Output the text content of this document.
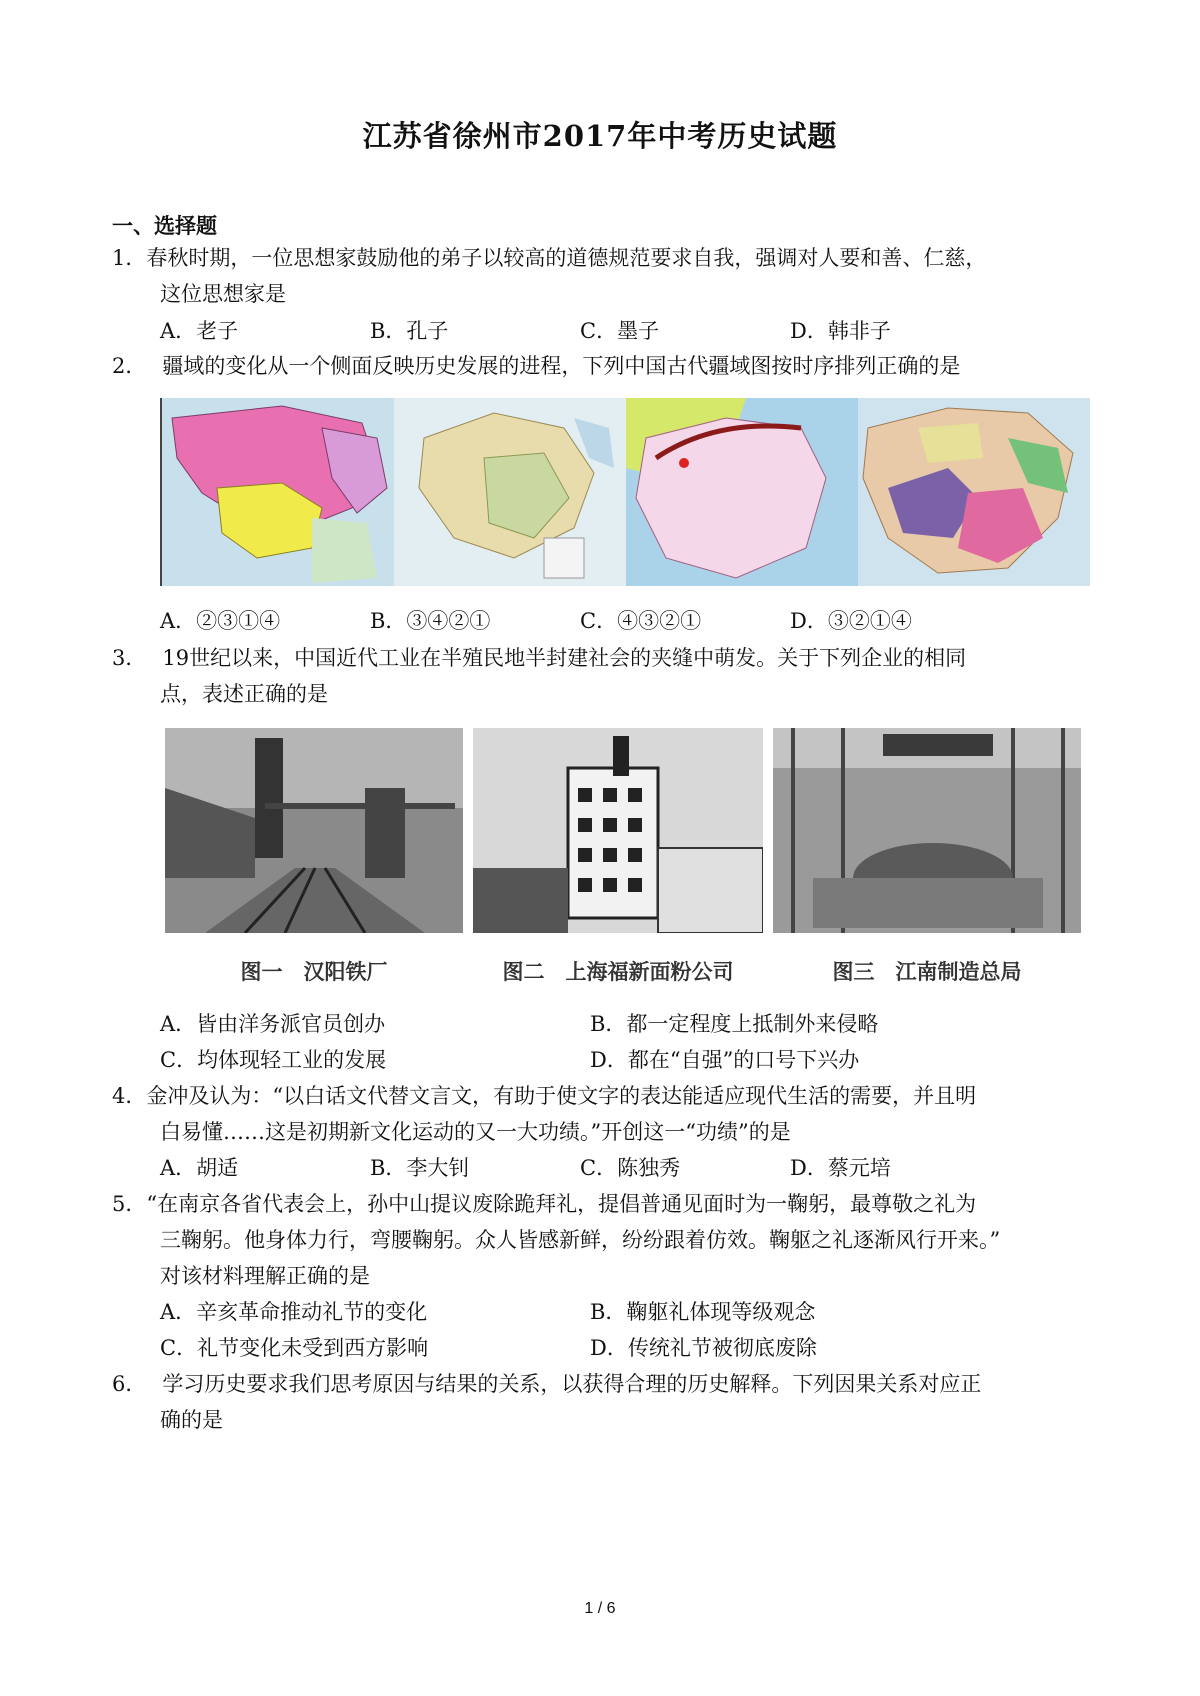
江苏省徐州市2017年中考历史试题
一、选择题
1．春秋时期，一位思想家鼓励他的弟子以较高的道德规范要求自我，强调对人要和善、仁慈，
这位思想家是
A．老子	B．孔子	C．墨子	D．韩非子
2． 疆域的变化从一个侧面反映历史发展的进程，下列中国古代疆域图按时序排列正确的是
A．②③①④	B．③④②①	C．④③②①	D．③②①④
3． 19世纪以来，中国近代工业在半殖民地半封建社会的夹缝中萌发。关于下列企业的相同
点，表述正确的是
图一　汉阳铁厂	图二　上海福新面粉公司	图三　江南制造总局
A．皆由洋务派官员创办	B．都一定程度上抵制外来侵略
C．均体现轻工业的发展	D．都在“自强”的口号下兴办
4．金冲及认为：“以白话文代替文言文，有助于使文字的表达能适应现代生活的需要，并且明
白易懂……这是初期新文化运动的又一大功绩。”开创这一“功绩”的是
A．胡适	B．李大钊	C．陈独秀	D．蔡元培
5．“在南京各省代表会上，孙中山提议废除跪拜礼，提倡普通见面时为一鞠躬，最尊敬之礼为
三鞠躬。他身体力行，弯腰鞠躬。众人皆感新鲜，纷纷跟着仿效。鞠躯之礼逐渐风行开来。”
对该材料理解正确的是
A．辛亥革命推动礼节的变化	B．鞠躯礼体现等级观念
C．礼节变化未受到西方影响	D．传统礼节被彻底废除
6． 学习历史要求我们思考原因与结果的关系，以获得合理的历史解释。下列因果关系对应正
确的是
1 / 6
